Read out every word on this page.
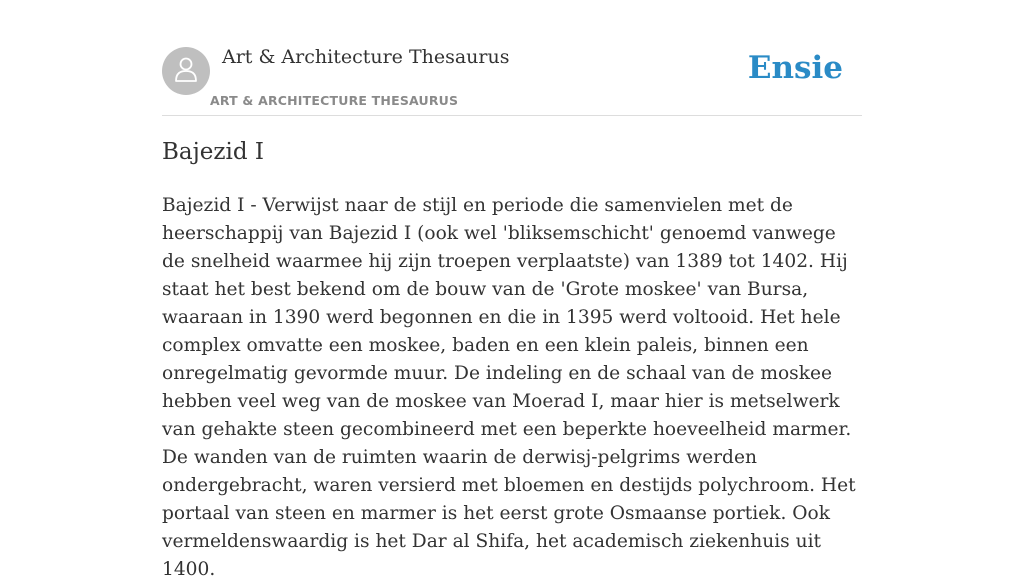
Art & Architecture Thesaurus
ART & ARCHITECTURE THESAURUS
Ensie
Bajezid I

Bajezid I - Verwijst naar de stijl en periode die samenvielen met de heerschappij van Bajezid I (ook wel 'bliksemschicht' genoemd vanwege de snelheid waarmee hij zijn troepen verplaatste) van 1389 tot 1402. Hij staat het best bekend om de bouw van de 'Grote moskee' van Bursa, waaraan in 1390 werd begonnen en die in 1395 werd voltooid. Het hele complex omvatte een moskee, baden en een klein paleis, binnen een onregelmatig gevormde muur. De indeling en de schaal van de moskee hebben veel weg van de moskee van Moerad I, maar hier is metselwerk van gehakte steen gecombineerd met een beperkte hoeveelheid marmer. De wanden van de ruimten waarin de derwisj-pelgrims werden ondergebracht, waren versierd met bloemen en destijds polychroom. Het portaal van steen en marmer is het eerst grote Osmaanse portiek. Ook vermeldenswaardig is het Dar al Shifa, het academisch ziekenhuis uit 1400.
